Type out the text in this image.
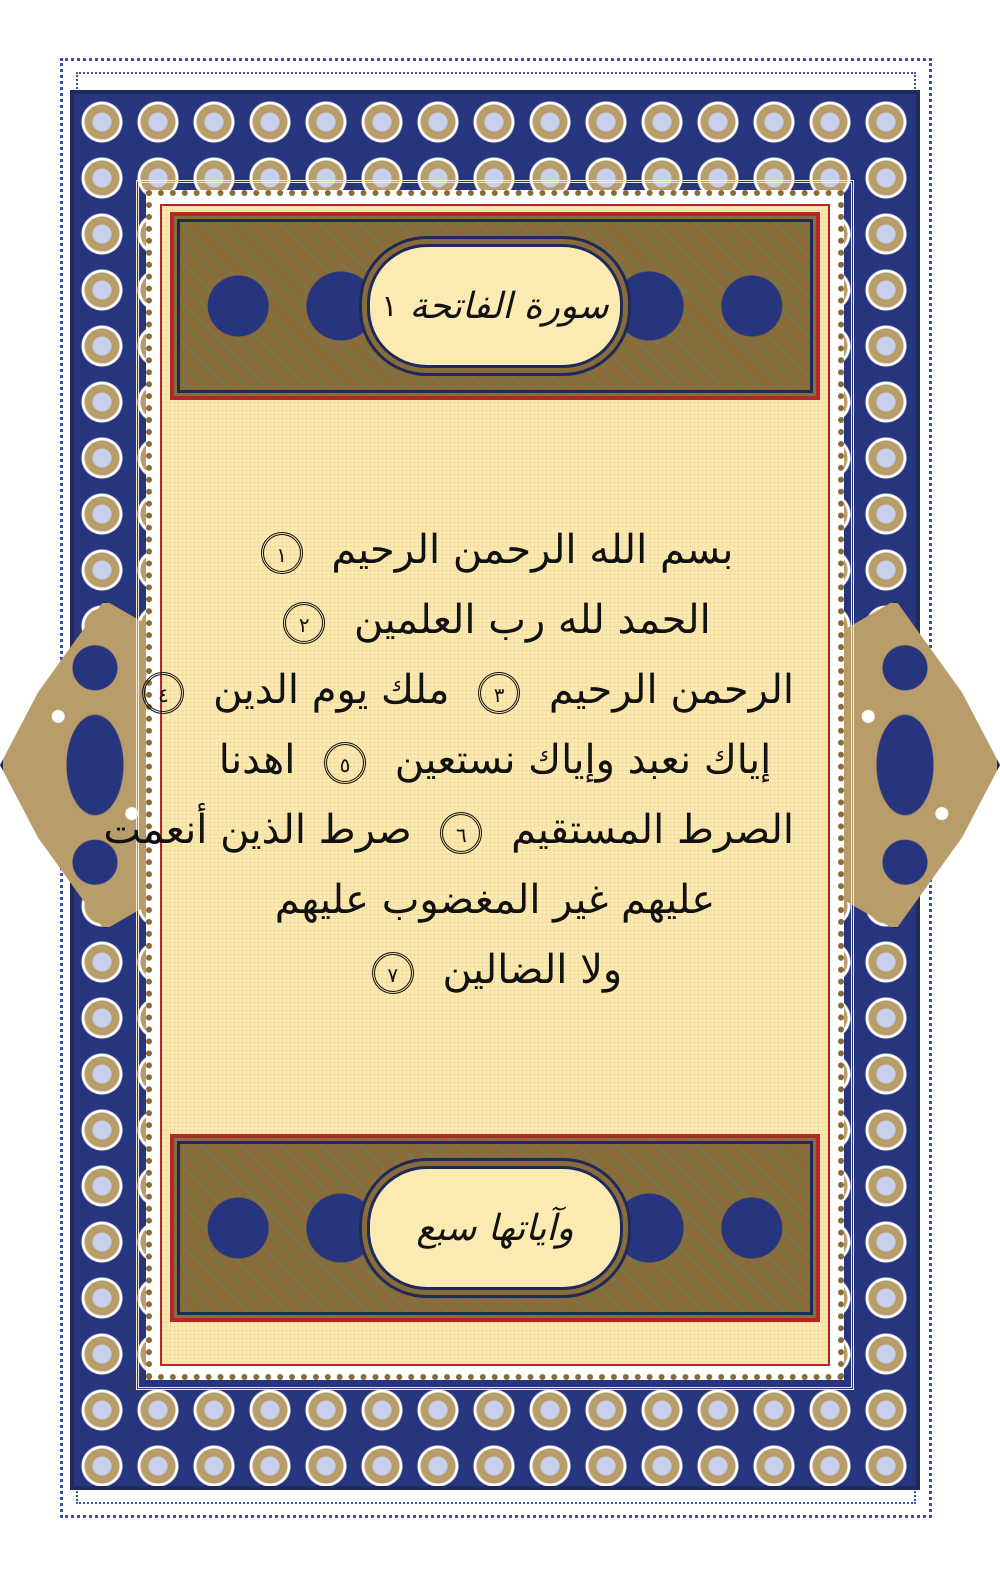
سورة الفاتحة
١
بسم الله الرحمن الرحيم ١
الحمد لله رب العلمين ٢
الرحمن الرحيم ٣ ملك يوم الدين ٤
إياك نعبد وإياك نستعين ٥ اهدنا
الصرط المستقيم ٦ صرط الذين أنعمت
عليهم غير المغضوب عليهم
ولا الضالين ٧
وآياتها سبع
